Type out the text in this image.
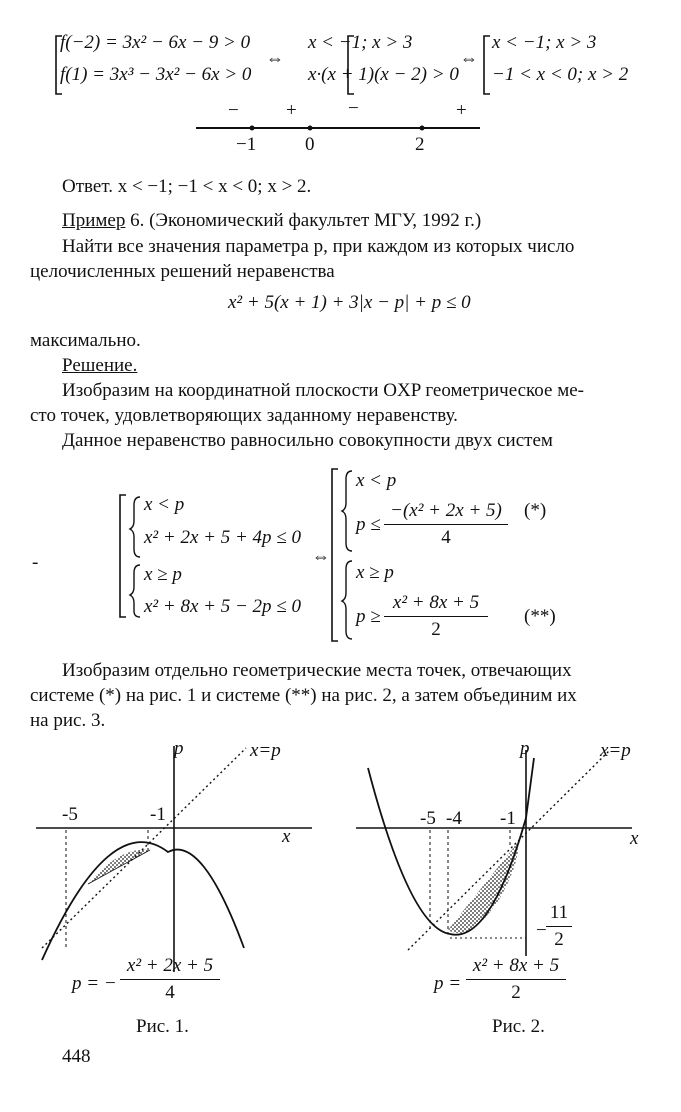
f(−2) = 3x² − 6x − 9 > 0
f(1) = 3x³ − 3x² − 6x > 0
⇔
x < −1; x > 3
x·(x + 1)(x − 2) > 0
⇔
x < −1; x > 3
−1 < x < 0; x > 2
− +	−	+
−1	0	2
Ответ. x < −1; −1 < x < 0; x > 2.
Пример 6. (Экономический факультет МГУ, 1992 г.)
Найти все значения параметра p, при каждом из которых число
целочисленных решений неравенства
x² + 5(x + 1) + 3|x − p| + p ≤ 0
максимально.
Решение.
Изобразим на координатной плоскости OXP геометрическое ме-
сто точек, удовлетворяющих заданному неравенству.
Данное неравенство равносильно совокупности двух систем
-
x < p
x² + 2x + 5 + 4p ≤ 0
x ≥ p
x² + 8x + 5 − 2p ≤ 0
⇔
x < p
p ≤
−(x² + 2x + 5)
4
(*)
x ≥ p
p ≥
x² + 8x + 5
2
(**)
Изобразим отдельно геометрические места точек, отвечающих
системе (*) на рис. 1 и системе (**) на рис. 2, а затем объединим их
на рис. 3.
p	x=p
x
-5	-1
p = −
x² + 2x + 5
4
Рис. 1.
p	x=p
x
-5 -4 -1
−
11
2
p =
x² + 8x + 5
2
Рис. 2.
448
